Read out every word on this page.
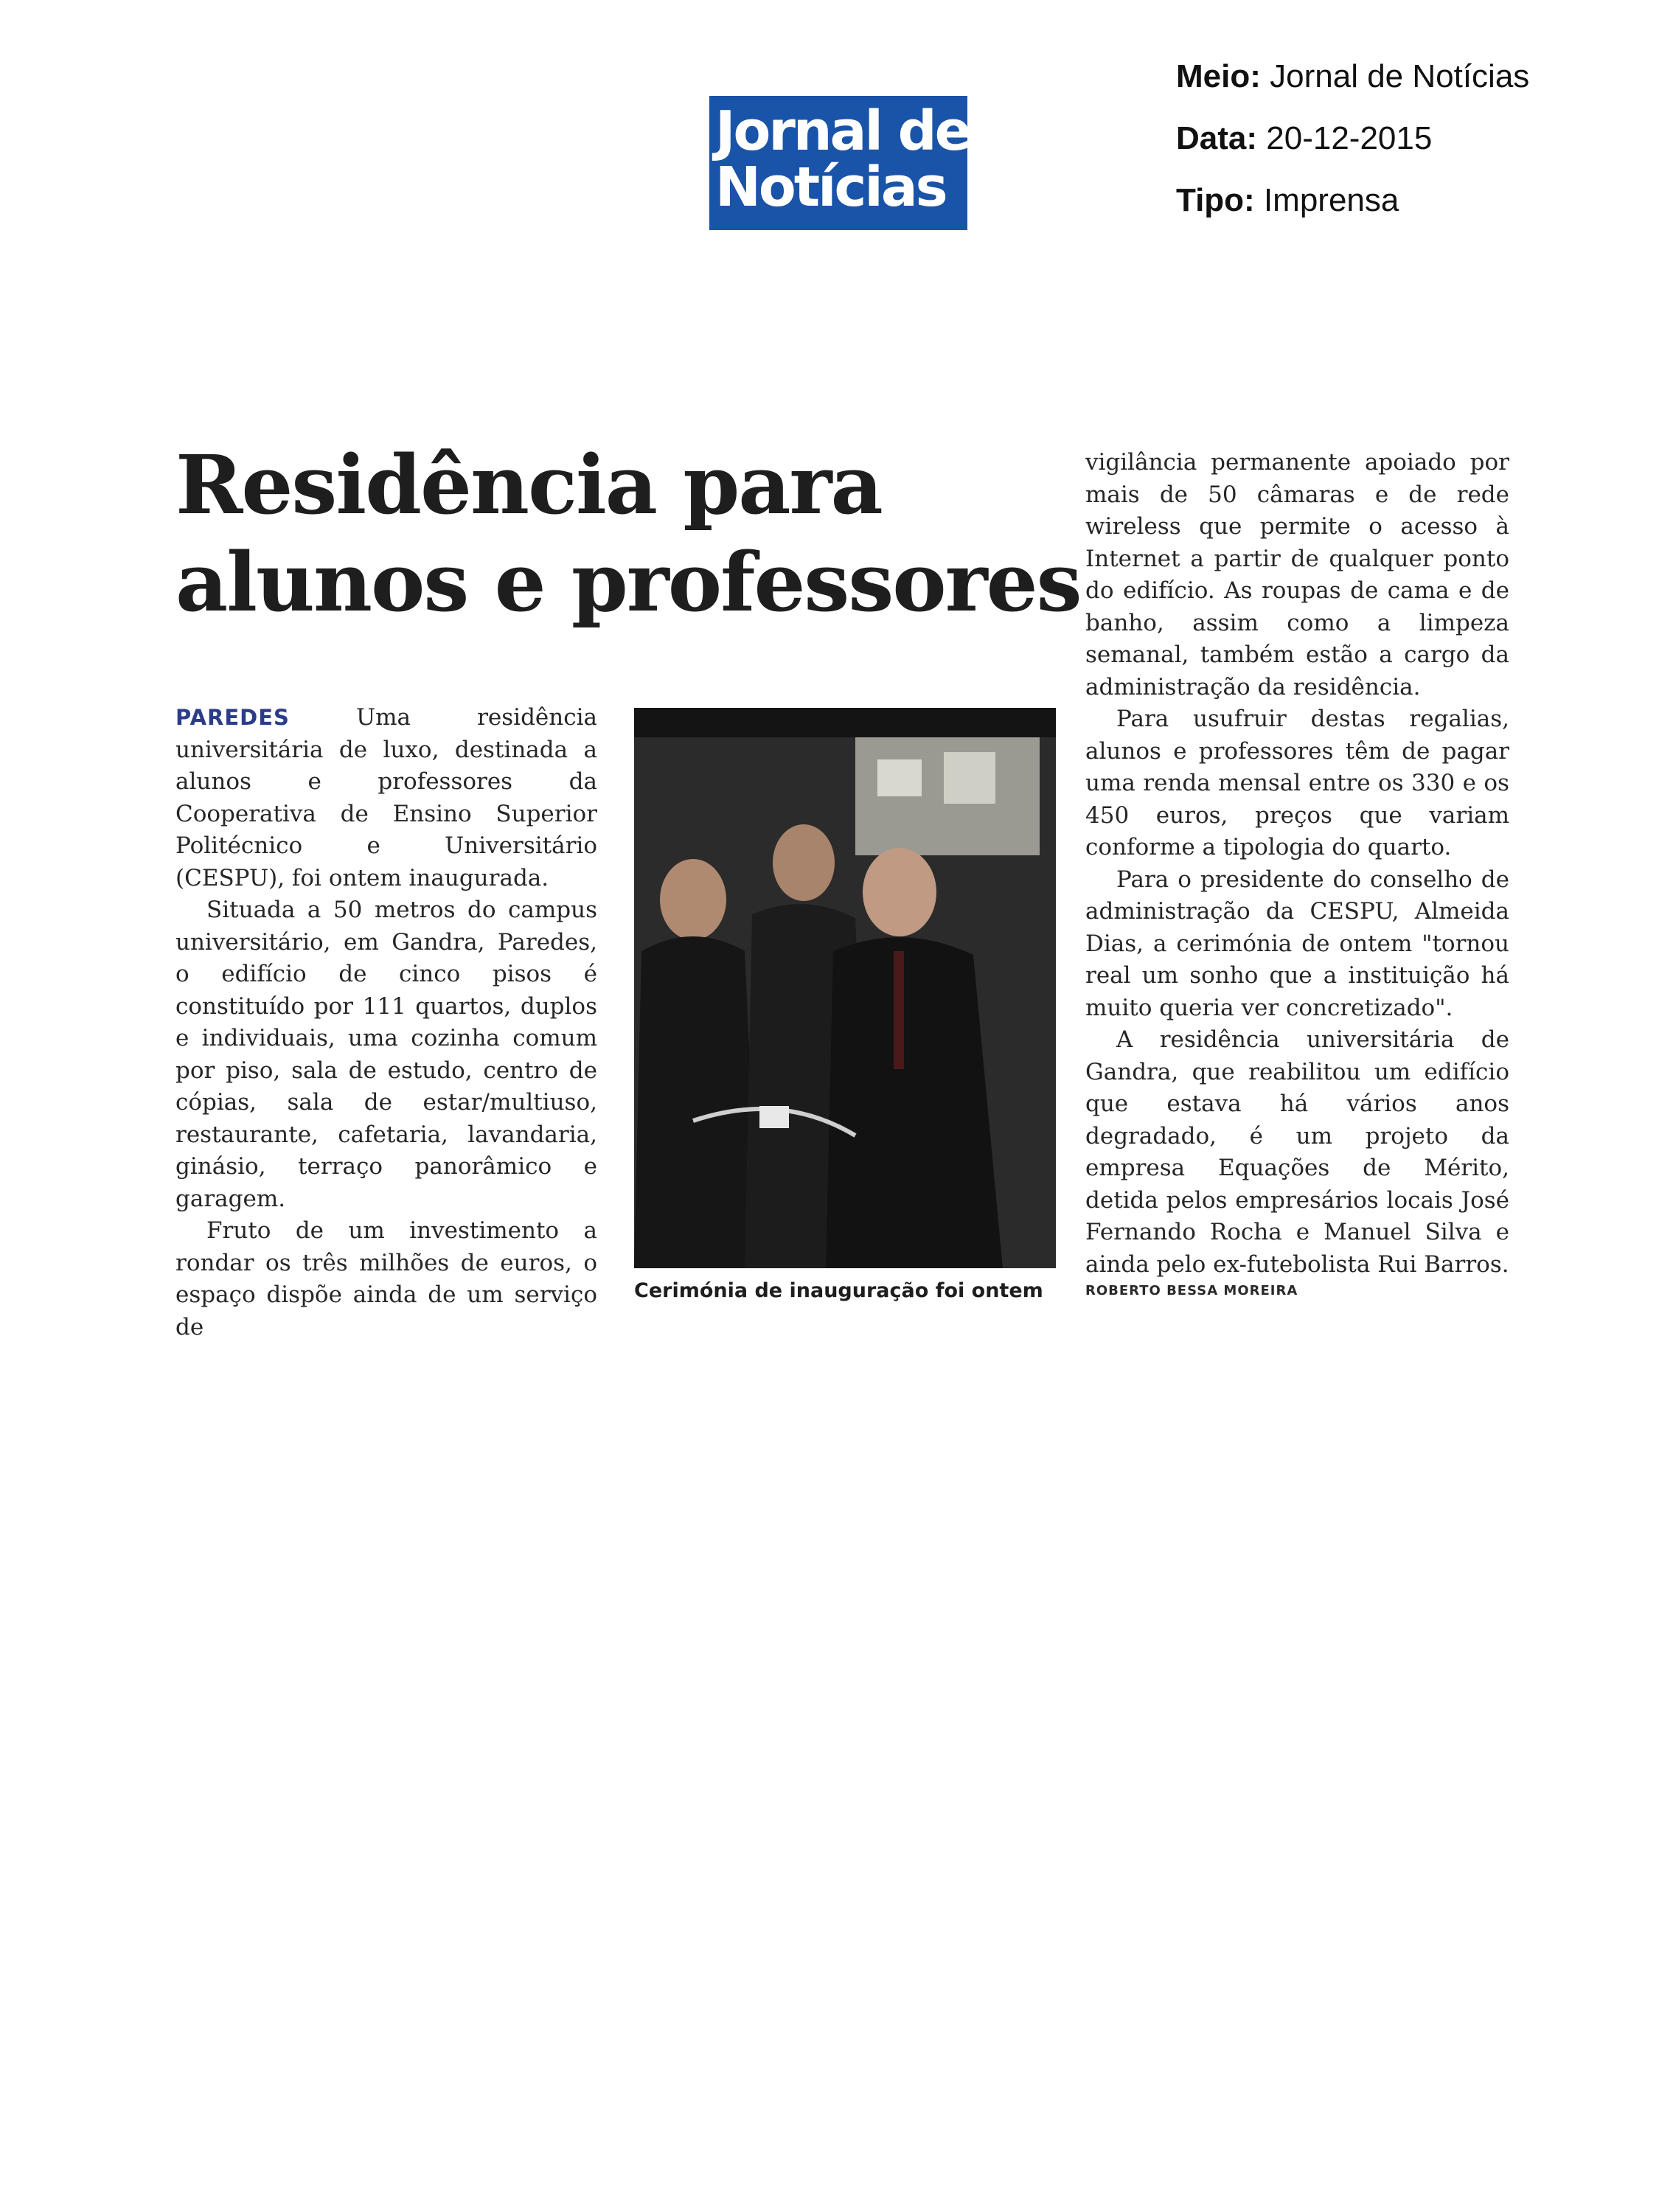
Jornal de
Notícias
Meio: Jornal de Notícias
Data: 20-12-2015
Tipo: Imprensa
Residência para
alunos e professores

PAREDES Uma residência universitária de luxo, destinada a alunos e professores da Cooperativa de Ensino Superior Politécnico e Universitário (CESPU), foi ontem inaugurada.

Situada a 50 metros do campus universitário, em Gandra, Paredes, o edifício de cinco pisos é constituído por 111 quartos, duplos e individuais, uma cozinha comum por piso, sala de estudo, centro de cópias, sala de estar/multiuso, restaurante, cafetaria, lavandaria, ginásio, terraço panorâmico e garagem.

Fruto de um investimento a rondar os três milhões de euros, o espaço dispõe ainda de um serviço de

Cerimónia de inauguração foi ontem

vigilância permanente apoiado por mais de 50 câmaras e de rede wireless que permite o acesso à Internet a partir de qualquer ponto do edifício. As roupas de cama e de banho, assim como a limpeza semanal, também estão a cargo da administração da residência.

Para usufruir destas regalias, alunos e professores têm de pagar uma renda mensal entre os 330 e os 450 euros, preços que variam conforme a tipologia do quarto.

Para o presidente do conselho de administração da CESPU, Almeida Dias, a cerimónia de ontem "tornou real um sonho que a instituição há muito queria ver concretizado".

A residência universitária de Gandra, que reabilitou um edifício que estava há vários anos degradado, é um projeto da empresa Equações de Mérito, detida pelos empresários locais José Fernando Rocha e Manuel Silva e ainda pelo ex-futebolista Rui Barros.

ROBERTO BESSA MOREIRA
